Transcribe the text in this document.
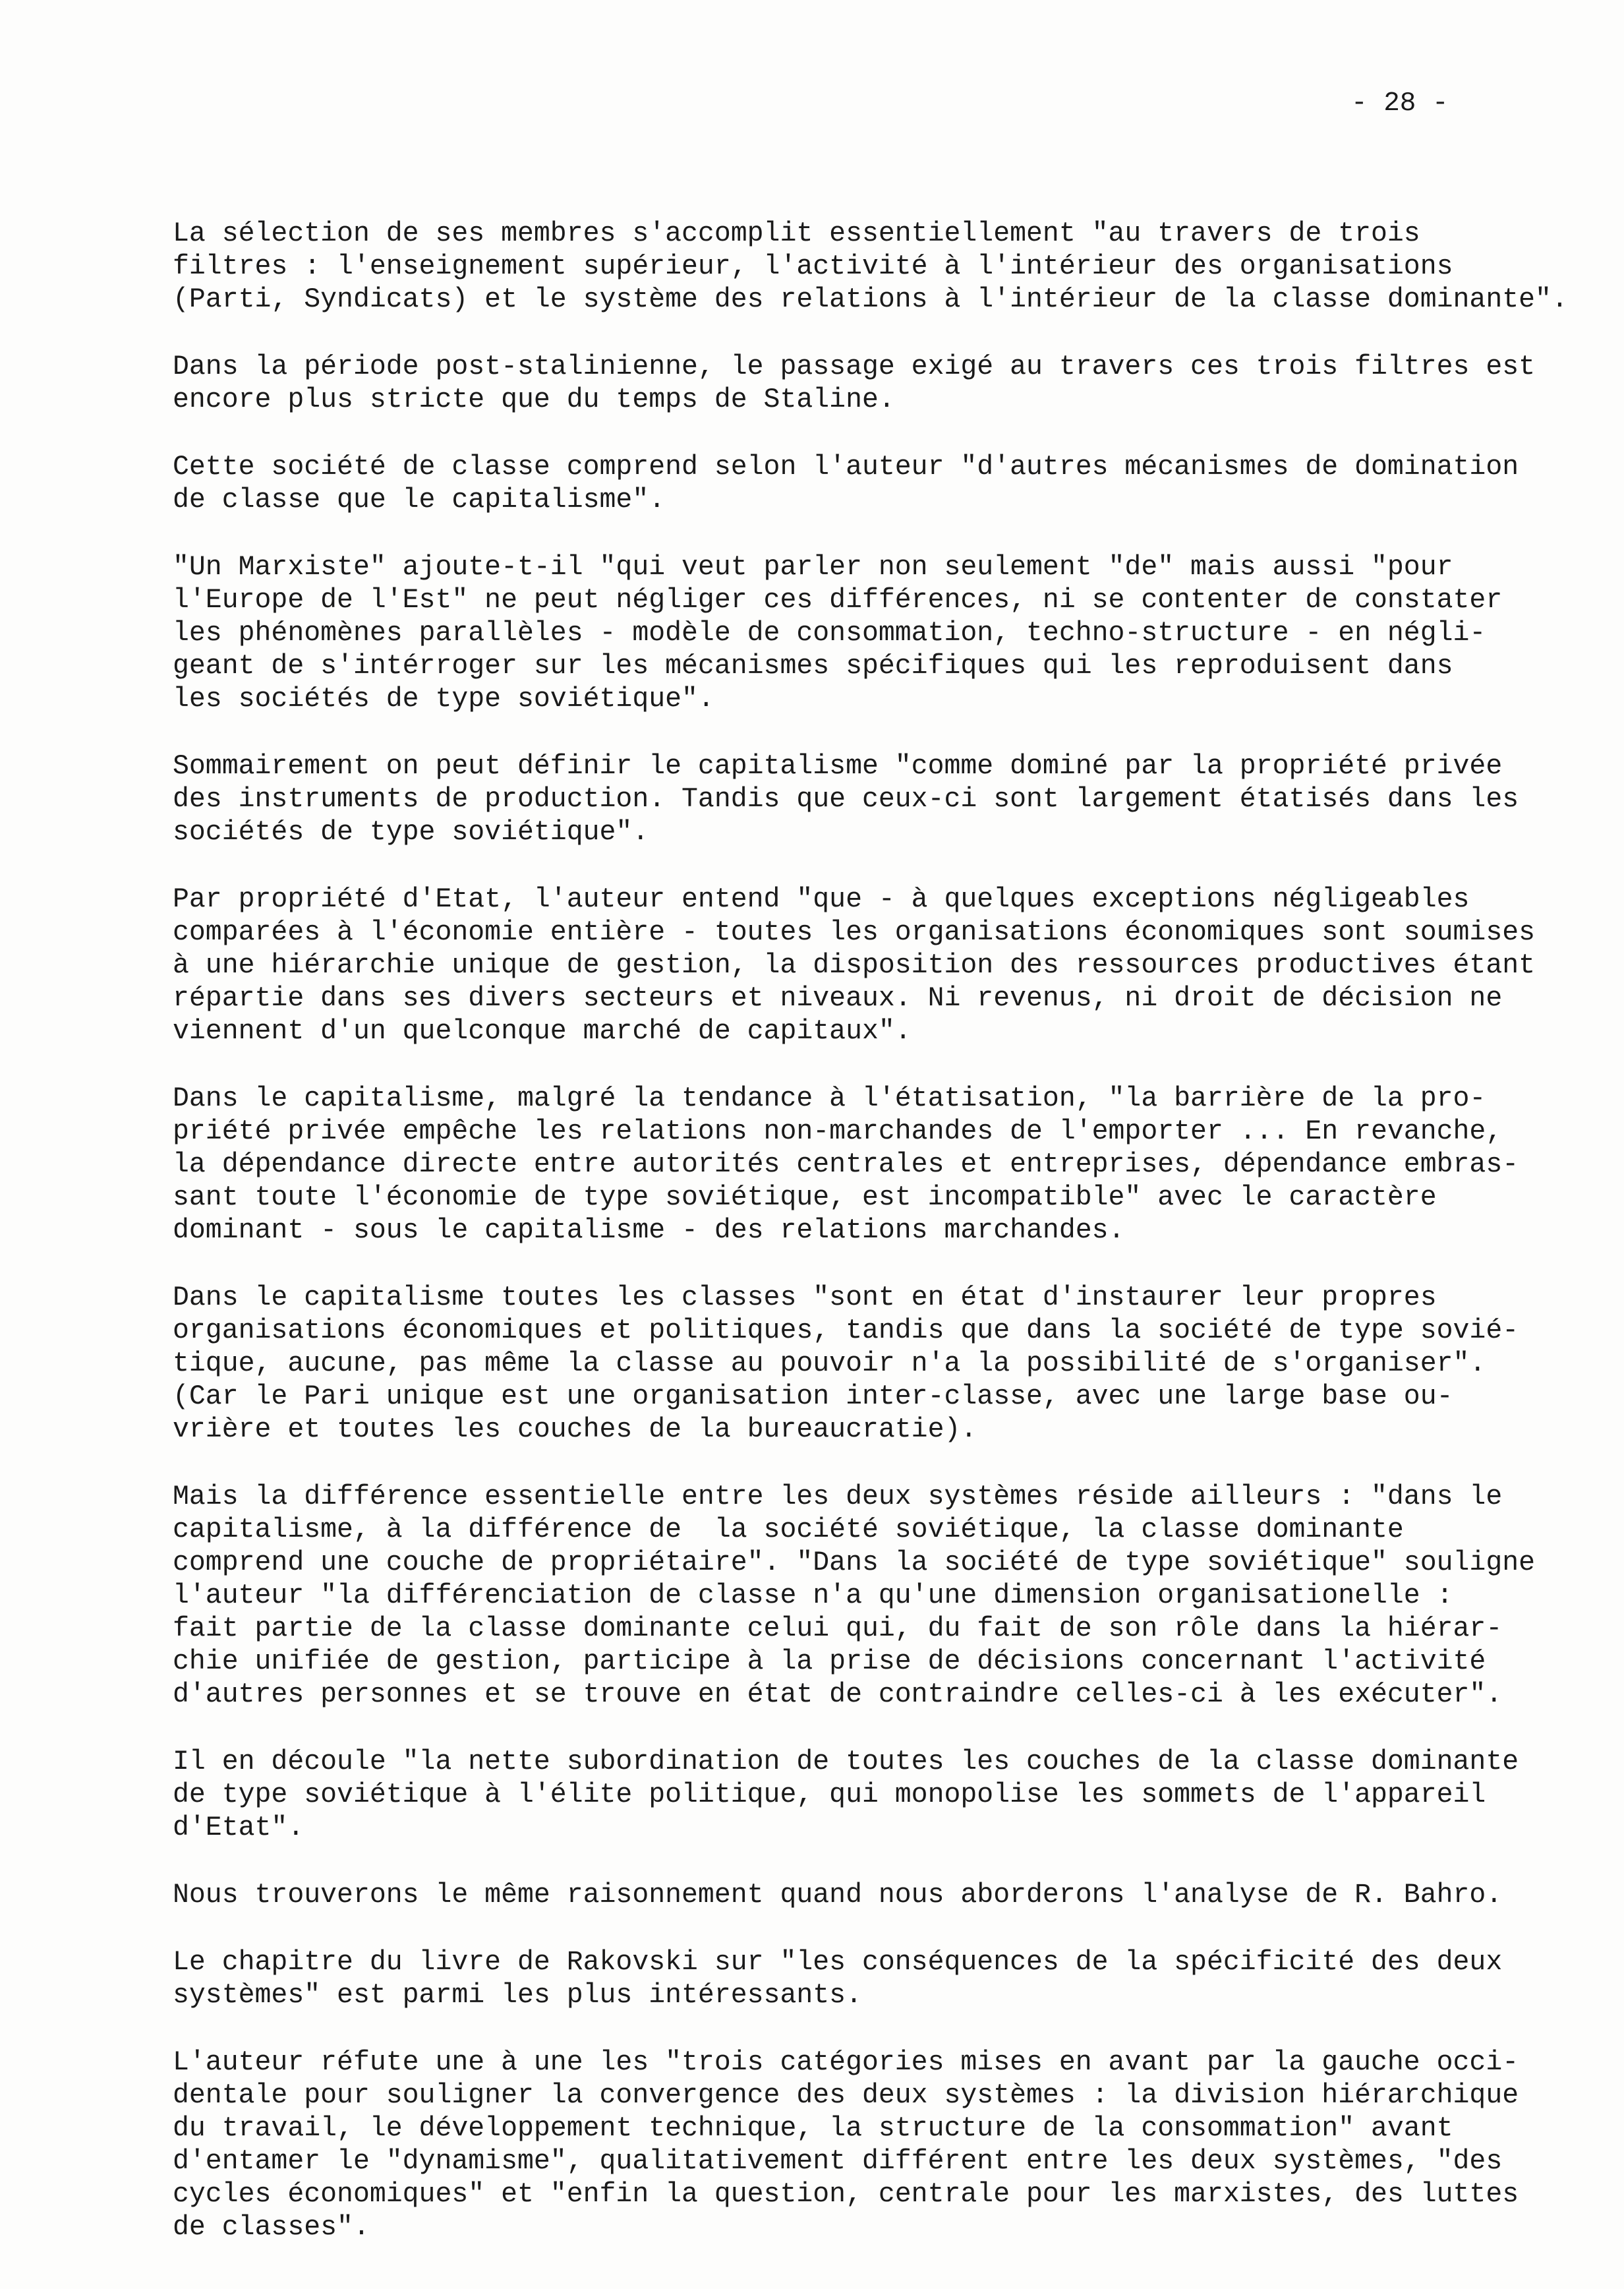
- 28 -
La sélection de ses membres s'accomplit essentiellement "au travers de trois
filtres : l'enseignement supérieur, l'activité à l'intérieur des organisations
(Parti, Syndicats) et le système des relations à l'intérieur de la classe dominante".
Dans la période post-stalinienne, le passage exigé au travers ces trois filtres est
encore plus stricte que du temps de Staline.
Cette société de classe comprend selon l'auteur "d'autres mécanismes de domination
de classe que le capitalisme".
"Un Marxiste" ajoute-t-il "qui veut parler non seulement "de" mais aussi "pour
l'Europe de l'Est" ne peut négliger ces différences, ni se contenter de constater
les phénomènes parallèles - modèle de consommation, techno-structure - en négli-
geant de s'intérroger sur les mécanismes spécifiques qui les reproduisent dans
les sociétés de type soviétique".
Sommairement on peut définir le capitalisme "comme dominé par la propriété privée
des instruments de production. Tandis que ceux-ci sont largement étatisés dans les
sociétés de type soviétique".
Par propriété d'Etat, l'auteur entend "que - à quelques exceptions négligeables
comparées à l'économie entière - toutes les organisations économiques sont soumises
à une hiérarchie unique de gestion, la disposition des ressources productives étant
répartie dans ses divers secteurs et niveaux. Ni revenus, ni droit de décision ne
viennent d'un quelconque marché de capitaux".
Dans le capitalisme, malgré la tendance à l'étatisation, "la barrière de la pro-
priété privée empêche les relations non-marchandes de l'emporter ... En revanche,
la dépendance directe entre autorités centrales et entreprises, dépendance embras-
sant toute l'économie de type soviétique, est incompatible" avec le caractère
dominant - sous le capitalisme - des relations marchandes.
Dans le capitalisme toutes les classes "sont en état d'instaurer leur propres
organisations économiques et politiques, tandis que dans la société de type sovié-
tique, aucune, pas même la classe au pouvoir n'a la possibilité de s'organiser".
(Car le Pari unique est une organisation inter-classe, avec une large base ou-
vrière et toutes les couches de la bureaucratie).
Mais la différence essentielle entre les deux systèmes réside ailleurs : "dans le
capitalisme, à la différence de  la société soviétique, la classe dominante
comprend une couche de propriétaire". "Dans la société de type soviétique" souligne
l'auteur "la différenciation de classe n'a qu'une dimension organisationelle :
fait partie de la classe dominante celui qui, du fait de son rôle dans la hiérar-
chie unifiée de gestion, participe à la prise de décisions concernant l'activité
d'autres personnes et se trouve en état de contraindre celles-ci à les exécuter".
Il en découle "la nette subordination de toutes les couches de la classe dominante
de type soviétique à l'élite politique, qui monopolise les sommets de l'appareil
d'Etat".
Nous trouverons le même raisonnement quand nous aborderons l'analyse de R. Bahro.
Le chapitre du livre de Rakovski sur "les conséquences de la spécificité des deux
systèmes" est parmi les plus intéressants.
L'auteur réfute une à une les "trois catégories mises en avant par la gauche occi-
dentale pour souligner la convergence des deux systèmes : la division hiérarchique
du travail, le développement technique, la structure de la consommation" avant
d'entamer le "dynamisme", qualitativement différent entre les deux systèmes, "des
cycles économiques" et "enfin la question, centrale pour les marxistes, des luttes
de classes".
